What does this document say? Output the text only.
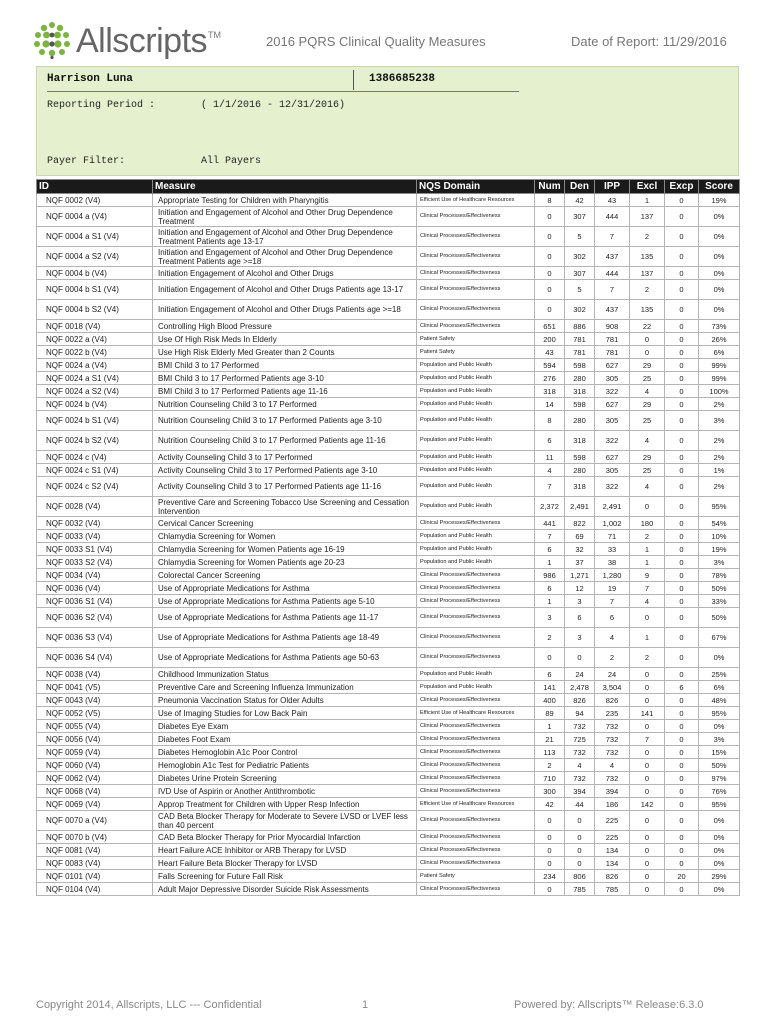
Allscripts TM	2016 PQRS Clinical Quality Measures	Date of Report: 11/29/2016
Harrison Luna	1386685238
Reporting Period :	( 1/1/2016 - 12/31/2016)
Payer Filter:	All Payers
ID	Measure	NQS Domain	Num	Den	IPP	Excl	Excp	Score
NQF 0002 (V4)	Appropriate Testing for Children with Pharyngitis	Efficient Use of Healthcare Resources	8	42	43	1	0	19%
NQF 0004 a (V4)	Initiation and Engagement of Alcohol and Other Drug Dependence Treatment	Clinical Processes/Effectiveness	0	307	444	137	0	0%
NQF 0004 a S1 (V4)	Initiation and Engagement of Alcohol and Other Drug Dependence Treatment Patients age 13-17	Clinical Processes/Effectiveness	0	5	7	2	0	0%
NQF 0004 a S2 (V4)	Initiation and Engagement of Alcohol and Other Drug Dependence Treatment Patients age >=18	Clinical Processes/Effectiveness	0	302	437	135	0	0%
NQF 0004 b (V4)	Initiation Engagement of Alcohol and Other Drugs	Clinical Processes/Effectiveness	0	307	444	137	0	0%
NQF 0004 b S1 (V4)	Initiation Engagement of Alcohol and Other Drugs Patients age 13-17	Clinical Processes/Effectiveness	0	5	7	2	0	0%
NQF 0004 b S2 (V4)	Initiation Engagement of Alcohol and Other Drugs Patients age >=18	Clinical Processes/Effectiveness	0	302	437	135	0	0%
NQF 0018 (V4)	Controlling High Blood Pressure	Clinical Processes/Effectiveness	651	886	908	22	0	73%
NQF 0022 a (V4)	Use Of High Risk Meds In Elderly	Patient Safety	200	781	781	0	0	26%
NQF 0022 b (V4)	Use High Risk Elderly Med Greater than 2 Counts	Patient Safety	43	781	781	0	0	6%
NQF 0024 a (V4)	BMI Child 3 to 17 Performed	Population and Public Health	594	598	627	29	0	99%
NQF 0024 a S1 (V4)	BMI Child 3 to 17 Performed Patients age 3-10	Population and Public Health	276	280	305	25	0	99%
NQF 0024 a S2 (V4)	BMI Child 3 to 17 Performed Patients age 11-16	Population and Public Health	318	318	322	4	0	100%
NQF 0024 b (V4)	Nutrition Counseling Child 3 to 17 Performed	Population and Public Health	14	598	627	29	0	2%
NQF 0024 b S1 (V4)	Nutrition Counseling Child 3 to 17 Performed Patients age 3-10	Population and Public Health	8	280	305	25	0	3%
NQF 0024 b S2 (V4)	Nutrition Counseling Child 3 to 17 Performed Patients age 11-16	Population and Public Health	6	318	322	4	0	2%
NQF 0024 c (V4)	Activity Counseling Child 3 to 17 Performed	Population and Public Health	11	598	627	29	0	2%
NQF 0024 c S1 (V4)	Activity Counseling Child 3 to 17 Performed Patients age 3-10	Population and Public Health	4	280	305	25	0	1%
NQF 0024 c S2 (V4)	Activity Counseling Child 3 to 17 Performed Patients age 11-16	Population and Public Health	7	318	322	4	0	2%
NQF 0028 (V4)	Preventive Care and Screening Tobacco Use Screening and Cessation Intervention	Population and Public Health	2,372	2,491	2,491	0	0	95%
NQF 0032 (V4)	Cervical Cancer Screening	Clinical Processes/Effectiveness	441	822	1,002	180	0	54%
NQF 0033 (V4)	Chlamydia Screening for Women	Population and Public Health	7	69	71	2	0	10%
NQF 0033 S1 (V4)	Chlamydia Screening for Women Patients age 16-19	Population and Public Health	6	32	33	1	0	19%
NQF 0033 S2 (V4)	Chlamydia Screening for Women Patients age 20-23	Population and Public Health	1	37	38	1	0	3%
NQF 0034 (V4)	Colorectal Cancer Screening	Clinical Processes/Effectiveness	986	1,271	1,280	9	0	78%
NQF 0036 (V4)	Use of Appropriate Medications for Asthma	Clinical Processes/Effectiveness	6	12	19	7	0	50%
NQF 0036 S1 (V4)	Use of Appropriate Medications for Asthma Patients age 5-10	Clinical Processes/Effectiveness	1	3	7	4	0	33%
NQF 0036 S2 (V4)	Use of Appropriate Medications for Asthma Patients age 11-17	Clinical Processes/Effectiveness	3	6	6	0	0	50%
NQF 0036 S3 (V4)	Use of Appropriate Medications for Asthma Patients age 18-49	Clinical Processes/Effectiveness	2	3	4	1	0	67%
NQF 0036 S4 (V4)	Use of Appropriate Medications for Asthma Patients age 50-63	Clinical Processes/Effectiveness	0	0	2	2	0	0%
NQF 0038 (V4)	Childhood Immunization Status	Population and Public Health	6	24	24	0	0	25%
NQF 0041 (V5)	Preventive Care and Screening Influenza Immunization	Population and Public Health	141	2,478	3,504	0	6	6%
NQF 0043 (V4)	Pneumonia Vaccination Status for Older Adults	Clinical Processes/Effectiveness	400	826	826	0	0	48%
NQF 0052 (V5)	Use of Imaging Studies for Low Back Pain	Efficient Use of Healthcare Resources	89	94	235	141	0	95%
NQF 0055 (V4)	Diabetes Eye Exam	Clinical Processes/Effectiveness	1	732	732	0	0	0%
NQF 0056 (V4)	Diabetes Foot Exam	Clinical Processes/Effectiveness	21	725	732	7	0	3%
NQF 0059 (V4)	Diabetes Hemoglobin A1c Poor Control	Clinical Processes/Effectiveness	113	732	732	0	0	15%
NQF 0060 (V4)	Hemoglobin A1c Test for Pediatric Patients	Clinical Processes/Effectiveness	2	4	4	0	0	50%
NQF 0062 (V4)	Diabetes Urine Protein Screening	Clinical Processes/Effectiveness	710	732	732	0	0	97%
NQF 0068 (V4)	IVD Use of Aspirin or Another Antithrombotic	Clinical Processes/Effectiveness	300	394	394	0	0	76%
NQF 0069 (V4)	Approp Treatment for Children with Upper Resp Infection	Efficient Use of Healthcare Resources	42	44	186	142	0	95%
NQF 0070 a (V4)	CAD Beta Blocker Therapy for Moderate to Severe LVSD or LVEF less than 40 percent	Clinical Processes/Effectiveness	0	0	225	0	0	0%
NQF 0070 b (V4)	CAD Beta Blocker Therapy for Prior Myocardial Infarction	Clinical Processes/Effectiveness	0	0	225	0	0	0%
NQF 0081 (V4)	Heart Failure ACE Inhibitor or ARB Therapy for LVSD	Clinical Processes/Effectiveness	0	0	134	0	0	0%
NQF 0083 (V4)	Heart Failure Beta Blocker Therapy for LVSD	Clinical Processes/Effectiveness	0	0	134	0	0	0%
NQF 0101 (V4)	Falls Screening for Future Fall Risk	Patient Safety	234	806	826	0	20	29%
NQF 0104 (V4)	Adult Major Depressive Disorder Suicide Risk Assessments	Clinical Processes/Effectiveness	0	785	785	0	0	0%
Copyright 2014, Allscripts, LLC --- Confidential	1	Powered by: Allscripts™ Release:6.3.0
